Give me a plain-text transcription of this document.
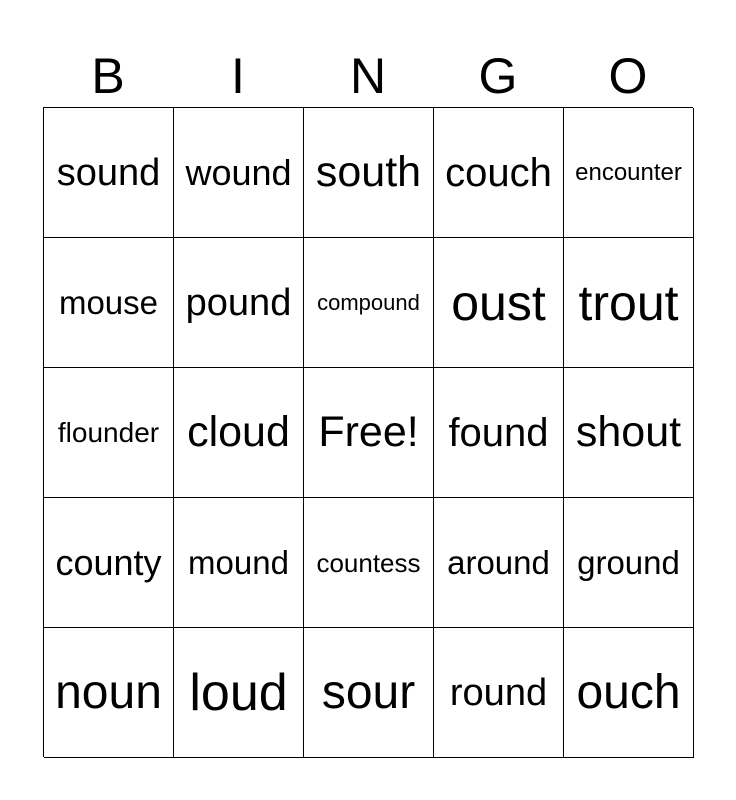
B	I	N	G	O
sound wound south couch encounter
mouse pound	compound oust trout
flounder cloud Free! found shout
county mound	countess around ground
noun loud sour round ouch
